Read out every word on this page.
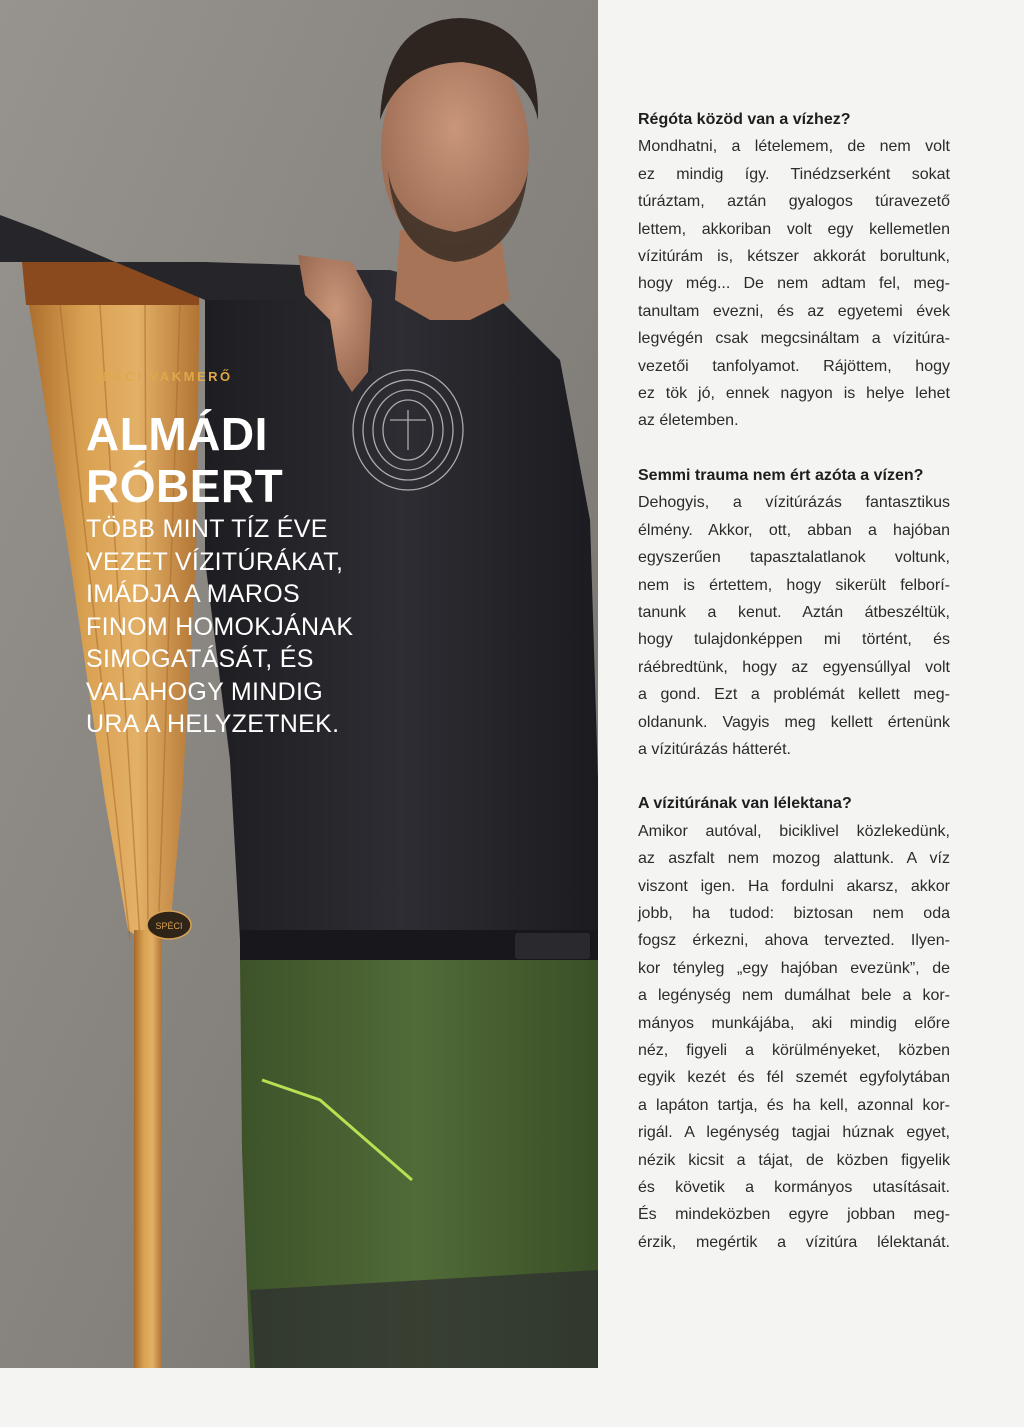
SPÉCI
SPÉCI VAKMERŐ
ALMÁDI
RÓBERT
TÖBB MINT TÍZ ÉVE
VEZET VÍZITÚRÁKAT,
IMÁDJA A MAROS
FINOM HOMOKJÁNAK
SIMOGATÁSÁT, ÉS
VALAHOGY MINDIG
URA A HELYZETNEK.

Régóta közöd van a vízhez?

Mondhatni, a lételemem, de nem volt
ez mindig így. Tinédzserként sokat
túráztam, aztán gyalogos túravezető
lettem, akkoriban volt egy kellemetlen
vízitúrám is, kétszer akkorát borultunk,
hogy még... De nem adtam fel, meg-
tanultam evezni, és az egyetemi évek
legvégén csak megcsináltam a vízitúra-
vezetői tanfolyamot. Rájöttem, hogy
ez tök jó, ennek nagyon is helye lehet
az életemben.

Semmi trauma nem ért azóta a vízen?

Dehogyis, a vízitúrázás fantasztikus
élmény. Akkor, ott, abban a hajóban
egyszerűen tapasztalatlanok voltunk,
nem is értettem, hogy sikerült felborí-
tanunk a kenut. Aztán átbeszéltük,
hogy tulajdonképpen mi történt, és
ráébredtünk, hogy az egyensúllyal volt
a gond. Ezt a problémát kellett meg-
oldanunk. Vagyis meg kellett értenünk
a vízitúrázás hátterét.

A vízitúrának van lélektana?

Amikor autóval, biciklivel közlekedünk,
az aszfalt nem mozog alattunk. A víz
viszont igen. Ha fordulni akarsz, akkor
jobb, ha tudod: biztosan nem oda
fogsz érkezni, ahova tervezted. Ilyen-
kor tényleg „egy hajóban evezünk”, de
a legénység nem dumálhat bele a kor-
mányos munkájába, aki mindig előre
néz, figyeli a körülményeket, közben
egyik kezét és fél szemét egyfolytában
a lapáton tartja, és ha kell, azonnal kor-
rigál. A legénység tagjai húznak egyet,
nézik kicsit a tájat, de közben figyelik
és követik a kormányos utasításait.
És mindeközben egyre jobban meg-
érzik, megértik a vízitúra lélektanát.
